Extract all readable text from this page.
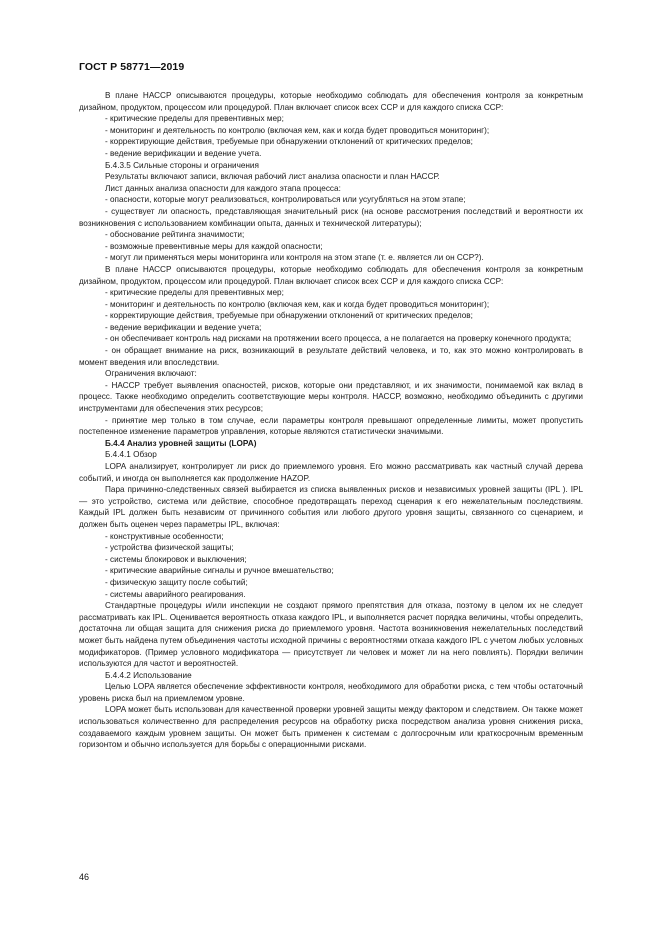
ГОСТ Р 58771—2019

В плане НАССР описываются процедуры, которые необходимо соблюдать для обеспечения контроля за конкретным дизайном, продуктом, процессом или процедурой. План включает список всех ССР и для каждого списка ССР:

- критические пределы для превентивных мер;

- мониторинг и деятельность по контролю (включая кем, как и когда будет проводиться мониторинг);

- корректирующие действия, требуемые при обнаружении отклонений от критических пределов;

- ведение верификации и ведение учета.

Б.4.3.5 Сильные стороны и ограничения

Результаты включают записи, включая рабочий лист анализа опасности и план НАССР.

Лист данных анализа опасности для каждого этапа процесса:

- опасности, которые могут реализоваться, контролироваться или усугубляться на этом этапе;

- существует ли опасность, представляющая значительный риск (на основе рассмотрения последствий и вероятности их возникновения с использованием комбинации опыта, данных и технической литературы);

- обоснование рейтинга значимости;

- возможные превентивные меры для каждой опасности;

- могут ли применяться меры мониторинга или контроля на этом этапе (т. е. является ли он ССР?).

В плане НАССР описываются процедуры, которые необходимо соблюдать для обеспечения контроля за конкретным дизайном, продуктом, процессом или процедурой. План включает список всех ССР и для каждого списка ССР:

- критические пределы для превентивных мер;

- мониторинг и деятельность по контролю (включая кем, как и когда будет проводиться мониторинг);

- корректирующие действия, требуемые при обнаружении отклонений от критических пределов;

- ведение верификации и ведение учета;

- он обеспечивает контроль над рисками на протяжении всего процесса, а не полагается на проверку конечного продукта;

- он обращает внимание на риск, возникающий в результате действий человека, и то, как это можно контролировать в момент введения или впоследствии.

Ограничения включают:

- НАССР требует выявления опасностей, рисков, которые они представляют, и их значимости, понимаемой как вклад в процесс. Также необходимо определить соответствующие меры контроля. НАССР, возможно, необходимо объединить с другими инструментами для обеспечения этих ресурсов;

- принятие мер только в том случае, если параметры контроля превышают определенные лимиты, может пропустить постепенное изменение параметров управления, которые являются статистически значимыми.

Б.4.4 Анализ уровней защиты (LOPA)

Б.4.4.1 Обзор

LOPA анализирует, контролирует ли риск до приемлемого уровня. Его можно рассматривать как частный случай дерева событий, и иногда он выполняется как продолжение HAZOP.

Пара причинно-следственных связей выбирается из списка выявленных рисков и независимых уровней защиты (IPL ). IPL — это устройство, система или действие, способное предотвращать переход сценария к его нежелательным последствиям. Каждый IPL должен быть независим от причинного события или любого другого уровня защиты, связанного со сценарием, и должен быть оценен через параметры IPL, включая:

- конструктивные особенности;

- устройства физической защиты;

- системы блокировок и выключения;

- критические аварийные сигналы и ручное вмешательство;

- физическую защиту после событий;

- системы аварийного реагирования.

Стандартные процедуры и/или инспекции не создают прямого препятствия для отказа, поэтому в целом их не следует рассматривать как IPL. Оценивается вероятность отказа каждого IPL, и выполняется расчет порядка величины, чтобы определить, достаточна ли общая защита для снижения риска до приемлемого уровня. Частота возникновения нежелательных последствий может быть найдена путем объединения частоты исходной причины с вероятностями отказа каждого IPL с учетом любых условных модификаторов. (Пример условного модификатора — присутствует ли человек и может ли на него повлиять). Порядки величин используются для частот и вероятностей.

Б.4.4.2 Использование

Целью LOPA является обеспечение эффективности контроля, необходимого для обработки риска, с тем чтобы остаточный уровень риска был на приемлемом уровне.

LOPA может быть использован для качественной проверки уровней защиты между фактором и следствием. Он также может использоваться количественно для распределения ресурсов на обработку риска посредством анализа уровня снижения риска, создаваемого каждым уровнем защиты. Он может быть применен к системам с долгосрочным или краткосрочным временным горизонтом и обычно используется для борьбы с операционными рисками.

46
